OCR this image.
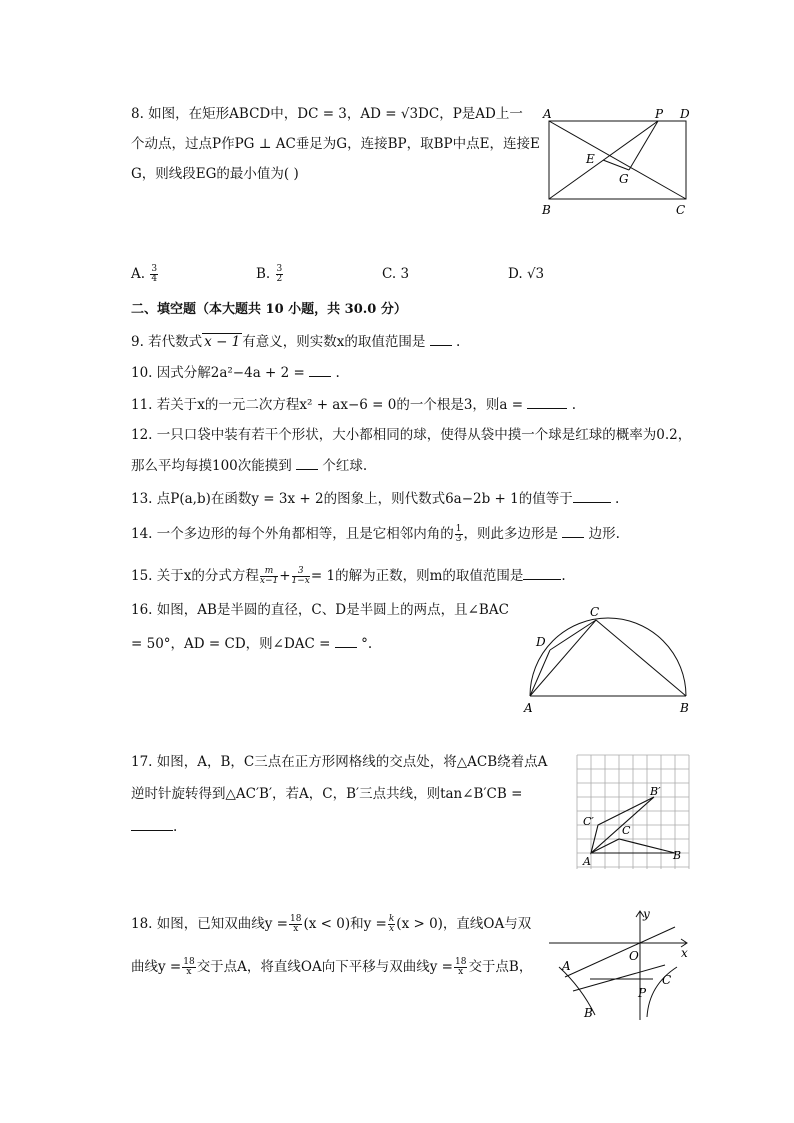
8. 如图，在矩形ABCD中，DC = 3，AD = √3DC，P是AD上一
个动点，过点P作PG ⊥ AC垂足为G，连接BP，取BP中点E，连接E
G，则线段EG的最小值为( )
A	P D
E
G
B	C
A. $\frac{3}{4}$	B. $\frac{3}{2}$	C. 3	D. √3
二、填空题（本大题共 10 小题，共 30.0 分）
9. 若代数式 x − 1 有意义，则实数x的取值范围是 .
10. 因式分解2a²−4a + 2 = .
11. 若关于x的一元二次方程x² + ax−6 = 0的一个根是3，则a =	.
12. 一只口袋中装有若干个形状，大小都相同的球，使得从袋中摸一个球是红球的概率为0.2，
那么平均每摸100次能摸到 个红球.
13. 点P(a,b)在函数y = 3x + 2的图象上，则代数式6a−2b + 1的值等于	.
14. 一个多边形的每个外角都相等，且是它相邻内角的 $\frac{1}{3}$ ，则此多边形是 边形.
15. 关于x的分式方程 $\frac{m}{x-1} + \frac{3}{1-x} = 1$的解为正数，则m的取值范围是	.
16. 如图，AB是半圆的直径，C、D是半圆上的两点，且∠BAC
= 50°，AD = CD，则∠DAC = °.
C
D
A	B
17. 如图，A，B，C三点在正方形网格线的交点处，将△ACB绕着点A
逆时针旋转得到△AC′B′，若A，C，B′三点共线，则tan∠B′CB =
.
A	B
C
C′
B′
18. 如图，已知双曲线$y = \frac{18}{x} (x < 0)$和$y = \frac{k}{x} (x > 0)$，直线OA与双
曲线$y = \frac{18}{x}$ 交于点A，将直线OA向下平移与双曲线$y = \frac{18}{x}$ 交于点B，
y
x
O
A
B
C
P
